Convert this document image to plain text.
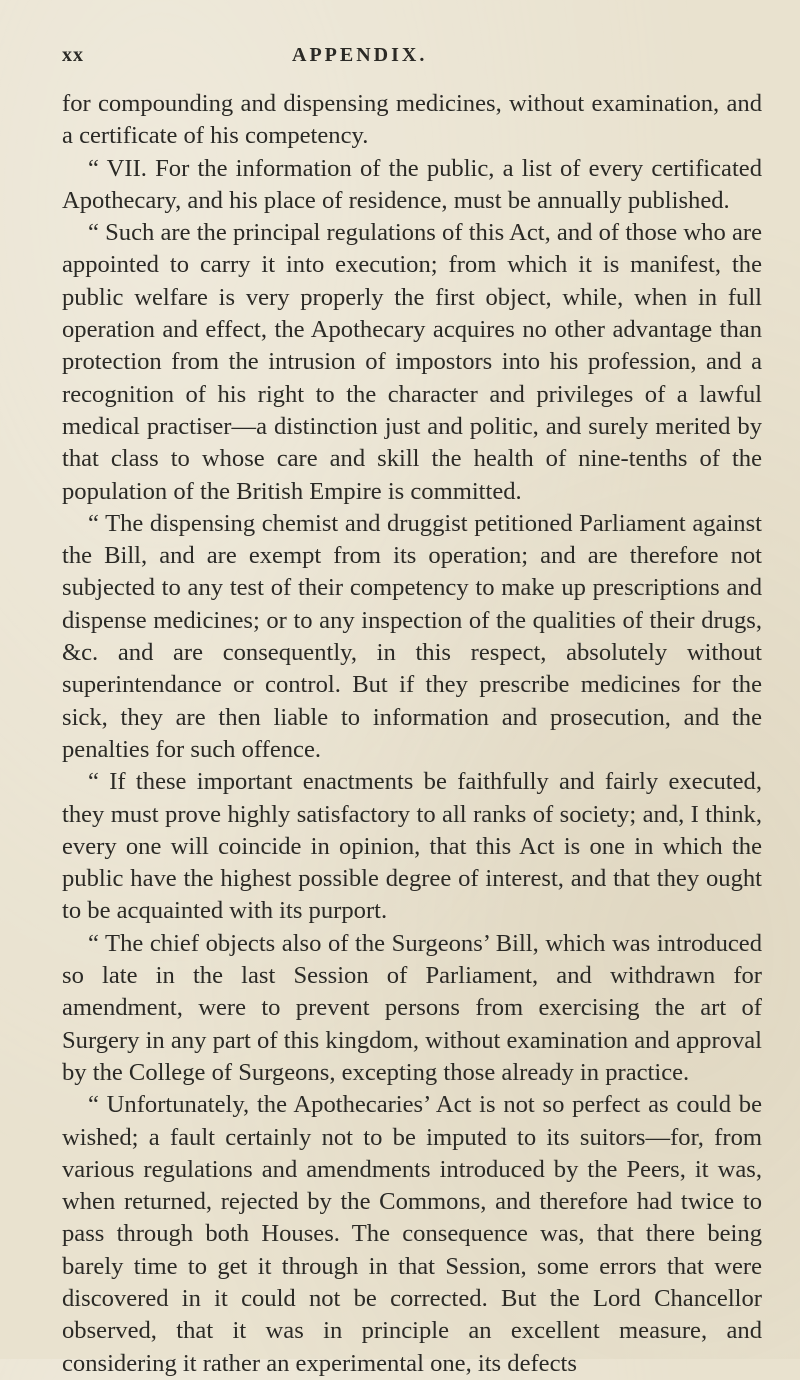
xx	APPENDIX.

for compounding and dispensing medicines, without examination, and a certificate of his competency.

“ VII. For the information of the public, a list of every certificated Apothecary, and his place of residence, must be annually published.

“ Such are the principal regulations of this Act, and of those who are appointed to carry it into execution; from which it is manifest, the public welfare is very properly the first object, while, when in full operation and effect, the Apothecary acquires no other advantage than protection from the intrusion of impostors into his profession, and a recognition of his right to the character and privileges of a lawful medical practiser—a distinction just and politic, and surely merited by that class to whose care and skill the health of nine-tenths of the population of the British Empire is committed.

“ The dispensing chemist and druggist petitioned Parliament against the Bill, and are exempt from its operation; and are therefore not subjected to any test of their competency to make up prescriptions and dispense medicines; or to any inspection of the qualities of their drugs, &c. and are consequently, in this respect, absolutely without superintendance or control. But if they prescribe medicines for the sick, they are then liable to information and prosecution, and the penalties for such offence.

“ If these important enactments be faithfully and fairly executed, they must prove highly satisfactory to all ranks of society; and, I think, every one will coincide in opinion, that this Act is one in which the public have the highest possible degree of interest, and that they ought to be acquainted with its purport.

“ The chief objects also of the Surgeons’ Bill, which was introduced so late in the last Session of Parliament, and withdrawn for amendment, were to prevent persons from exercising the art of Surgery in any part of this kingdom, without examination and approval by the College of Surgeons, excepting those already in practice.

“ Unfortunately, the Apothecaries’ Act is not so perfect as could be wished; a fault certainly not to be imputed to its suitors—for, from various regulations and amendments introduced by the Peers, it was, when returned, rejected by the Commons, and therefore had twice to pass through both Houses. The consequence was, that there being barely time to get it through in that Session, some errors that were discovered in it could not be corrected. But the Lord Chancellor observed, that it was in principle an excellent measure, and considering it rather an experimental one, its defects
